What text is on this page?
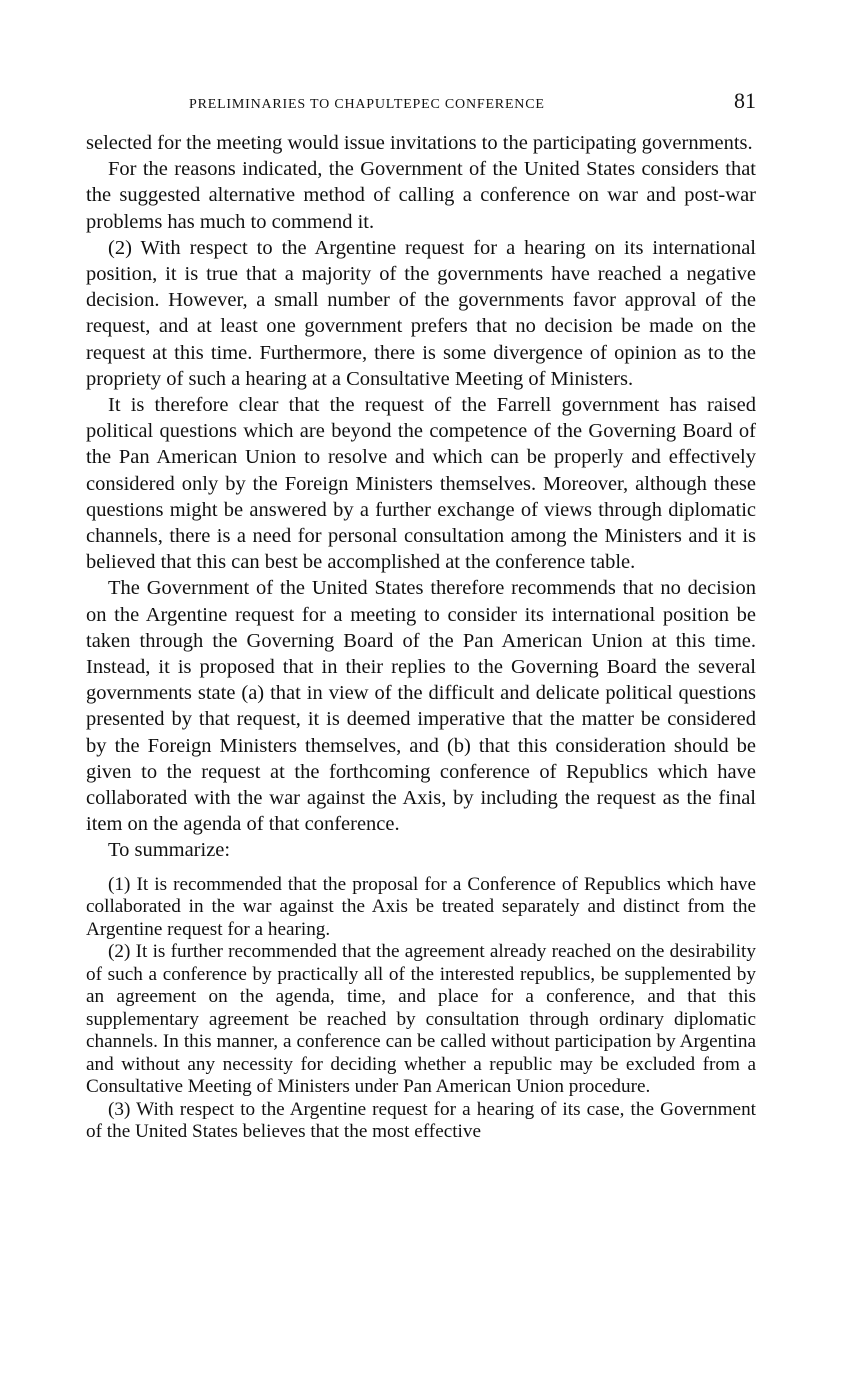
PRELIMINARIES TO CHAPULTEPEC CONFERENCE	81

selected for the meeting would issue invitations to the participating governments.

For the reasons indicated, the Government of the United States considers that the suggested alternative method of calling a conference on war and post-war problems has much to commend it.

(2) With respect to the Argentine request for a hearing on its international position, it is true that a majority of the governments have reached a negative decision. However, a small number of the governments favor approval of the request, and at least one government prefers that no decision be made on the request at this time. Furthermore, there is some divergence of opinion as to the propriety of such a hearing at a Consultative Meeting of Ministers.

It is therefore clear that the request of the Farrell government has raised political questions which are beyond the competence of the Governing Board of the Pan American Union to resolve and which can be properly and effectively considered only by the Foreign Ministers themselves. Moreover, although these questions might be answered by a further exchange of views through diplomatic channels, there is a need for personal consultation among the Ministers and it is believed that this can best be accomplished at the conference table.

The Government of the United States therefore recommends that no decision on the Argentine request for a meeting to consider its international position be taken through the Governing Board of the Pan American Union at this time. Instead, it is proposed that in their replies to the Governing Board the several governments state (a) that in view of the difficult and delicate political questions presented by that request, it is deemed imperative that the matter be considered by the Foreign Ministers themselves, and (b) that this consideration should be given to the request at the forthcoming conference of Republics which have collaborated with the war against the Axis, by including the request as the final item on the agenda of that conference.

To summarize:

(1) It is recommended that the proposal for a Conference of Republics which have collaborated in the war against the Axis be treated separately and distinct from the Argentine request for a hearing.

(2) It is further recommended that the agreement already reached on the desirability of such a conference by practically all of the interested republics, be supplemented by an agreement on the agenda, time, and place for a conference, and that this supplementary agreement be reached by consultation through ordinary diplomatic channels. In this manner, a conference can be called without participation by Argentina and without any necessity for deciding whether a republic may be excluded from a Consultative Meeting of Ministers under Pan American Union procedure.

(3) With respect to the Argentine request for a hearing of its case, the Government of the United States believes that the most effective
